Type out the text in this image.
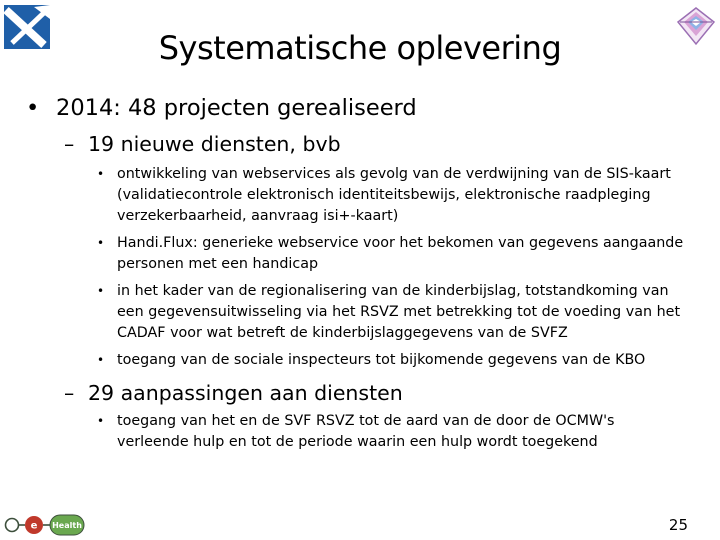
Systematische oplevering
• 2014: 48 projecten gerealiseerd
– 19 nieuwe diensten, bvb
• ontwikkeling van webservices als gevolg van de verdwijning van de SIS-kaart (validatiecontrole elektronisch identiteitsbewijs, elektronische raadpleging verzekerbaarheid, aanvraag isi+-kaart)
• Handi.Flux: generieke webservice voor het bekomen van gegevens aangaande personen met een handicap
• in het kader van de regionalisering van de kinderbijslag, totstandkoming van een gegevensuitwisseling via het RSVZ met betrekking tot de voeding van het CADAF voor wat betreft de kinderbijslaggegevens van de SVFZ
• toegang van de sociale inspecteurs tot bijkomende gegevens van de KBO
– 29 aanpassingen aan diensten
• toegang van het en de SVF RSVZ tot de aard van de door de OCMW's verleende hulp en tot de periode waarin een hulp wordt toegekend
e Health	25
